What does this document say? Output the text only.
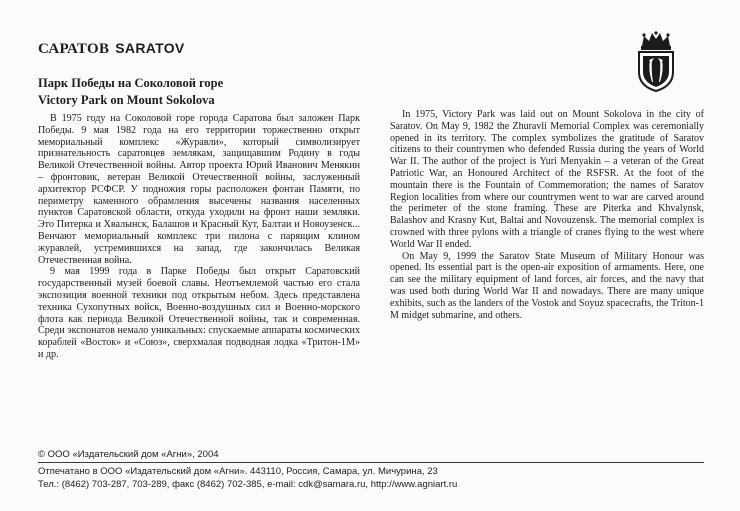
САРАТОВ SARATOV
Парк Победы на Соколовой горе
Victory Park on Mount Sokolova

В 1975 году на Соколовой горе города Саратова был заложен Парк Победы. 9 мая 1982 года на его территории торжественно открыт мемориальный комплекс «Журавли», который символизирует признательность саратовцев землякам, защищавшим Родину в годы Великой Отечественной войны. Автор проекта Юрий Иванович Менякин – фронтовик, ветеран Великой Отечественной войны, заслуженный архитектор РСФСР. У подножия горы расположен фонтан Памяти, по периметру каменного обрамления высечены названия населенных пунктов Саратовской области, откуда уходили на фронт наши земляки. Это Питерка и Хвалынск, Балашов и Красный Кут, Балтаи и Новоузенск... Венчают мемориальный комплекс три пилона с парящим клином журавлей, устремившихся на запад, где закончилась Великая Отечественная война.

9 мая 1999 года в Парке Победы был открыт Саратовский государственный музей боевой славы. Неотъемлемой частью его стала экспозиция военной техники под открытым небом. Здесь представлена техника Сухопутных войск, Военно-воздушных сил и Военно-морского флота как периода Великой Отечественной войны, так и современная. Среди экспонатов немало уникальных: спускаемые аппараты космических кораблей «Восток» и «Союз», сверхмалая подводная лодка «Тритон-1М» и др.

In 1975, Victory Park was laid out on Mount Sokolova in the city of Saratov. On May 9, 1982 the Zhuravli Memorial Complex was ceremonially opened in its territory. The complex symbolizes the gratitude of Saratov citizens to their countrymen who defended Russia during the years of World War II. The author of the project is Yuri Menyakin – a veteran of the Great Patriotic War, an Honoured Architect of the RSFSR. At the foot of the mountain there is the Fountain of Commemoration; the names of Saratov Region localities from where our countrymen went to war are carved around the perimeter of the stone framing. These are Piterka and Khvalynsk, Balashov and Krasny Kut, Baltai and Novouzensk. The memorial complex is crowned with three pylons with a triangle of cranes flying to the west where World War II ended.

On May 9, 1999 the Saratov State Museum of Military Honour was opened. Its essential part is the open-air exposition of armaments. Here, one can see the military equipment of land forces, air forces, and the navy that was used both during World War II and nowadays. There are many unique exhibits, such as the landers of the Vostok and Soyuz spacecrafts, the Triton-1 M midget submarine, and others.

© ООО «Издательский дом «Агни», 2004
Отпечатано в ООО «Издательский дом «Агни». 443110, Россия, Самара, ул. Мичурина, 23
Тел.: (8462) 703-287, 703-289, факс (8462) 702-385, e-mail: cdk@samara.ru, http://www.agniart.ru
